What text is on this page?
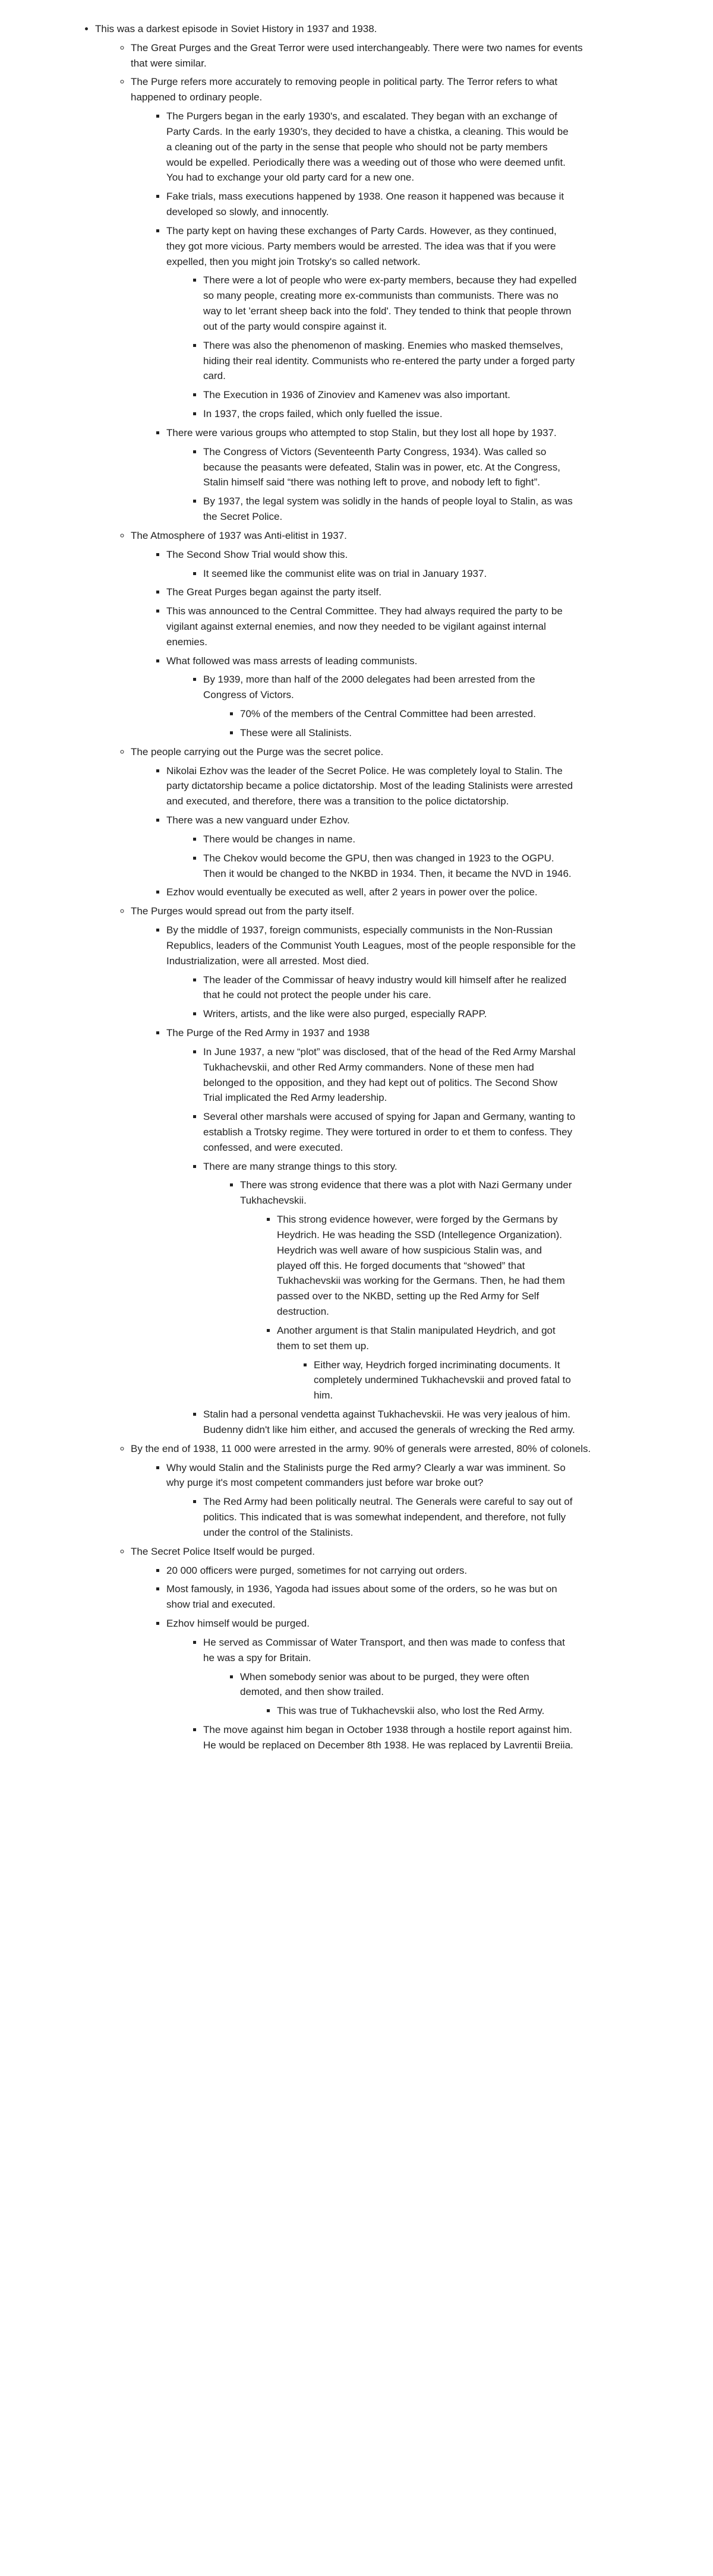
• This was a darkest episode in Soviet History in 1937 and 1938.
◦ The Great Purges and the Great Terror were used interchangeably. There were two names for events that were similar.
◦ The Purge refers more accurately to removing people in political party. The Terror refers to what happened to ordinary people.
▪ The Purgers began in the early 1930's, and escalated. They began with an exchange of Party Cards. In the early 1930's, they decided to have a chistka, a cleaning. This would be a cleaning out of the party in the sense that people who should not be party members would be expelled. Periodically there was a weeding out of those who were deemed unfit. You had to exchange your old party card for a new one.
▪ Fake trials, mass executions happened by 1938. One reason it happened was because it developed so slowly, and innocently.
▪ The party kept on having these exchanges of Party Cards. However, as they continued, they got more vicious. Party members would be arrested. The idea was that if you were expelled, then you might join Trotsky's so called network.
▪ There were a lot of people who were ex-party members, because they had expelled so many people, creating more ex-communists than communists. There was no way to let 'errant sheep back into the fold'. They tended to think that people thrown out of the party would conspire against it.
▪ There was also the phenomenon of masking. Enemies who masked themselves, hiding their real identity. Communists who re-entered the party under a forged party card.
▪ The Execution in 1936 of Zinoviev and Kamenev was also important.
▪ In 1937, the crops failed, which only fuelled the issue.
▪ There were various groups who attempted to stop Stalin, but they lost all hope by 1937.
▪ The Congress of Victors (Seventeenth Party Congress, 1934). Was called so because the peasants were defeated, Stalin was in power, etc. At the Congress, Stalin himself said “there was nothing left to prove, and nobody left to fight”.
▪ By 1937, the legal system was solidly in the hands of people loyal to Stalin, as was the Secret Police.
◦ The Atmosphere of 1937 was Anti-elitist in 1937.
▪ The Second Show Trial would show this.
▪ It seemed like the communist elite was on trial in January 1937.
▪ The Great Purges began against the party itself.
▪ This was announced to the Central Committee. They had always required the party to be vigilant against external enemies, and now they needed to be vigilant against internal enemies.
▪ What followed was mass arrests of leading communists.
▪ By 1939, more than half of the 2000 delegates had been arrested from the Congress of Victors.
▪ 70% of the members of the Central Committee had been arrested.
▪ These were all Stalinists.
◦ The people carrying out the Purge was the secret police.
▪ Nikolai Ezhov was the leader of the Secret Police. He was completely loyal to Stalin. The party dictatorship became a police dictatorship. Most of the leading Stalinists were arrested and executed, and therefore, there was a transition to the police dictatorship.
▪ There was a new vanguard under Ezhov.
▪ There would be changes in name.
▪ The Chekov would become the GPU, then was changed in 1923 to the OGPU. Then it would be changed to the NKBD in 1934. Then, it became the NVD in 1946.
▪ Ezhov would eventually be executed as well, after 2 years in power over the police.
◦ The Purges would spread out from the party itself.
▪ By the middle of 1937, foreign communists, especially communists in the Non-Russian Republics, leaders of the Communist Youth Leagues, most of the people responsible for the Industrialization, were all arrested. Most died.
▪ The leader of the Commissar of heavy industry would kill himself after he realized that he could not protect the people under his care.
▪ Writers, artists, and the like were also purged, especially RAPP.
▪ The Purge of the Red Army in 1937 and 1938
▪ In June 1937, a new “plot” was disclosed, that of the head of the Red Army Marshal Tukhachevskii, and other Red Army commanders. None of these men had belonged to the opposition, and they had kept out of politics. The Second Show Trial implicated the Red Army leadership.
▪ Several other marshals were accused of spying for Japan and Germany, wanting to establish a Trotsky regime. They were tortured in order to et them to confess. They confessed, and were executed.
▪ There are many strange things to this story.
▪ There was strong evidence that there was a plot with Nazi Germany under Tukhachevskii.
▪ This strong evidence however, were forged by the Germans by Heydrich. He was heading the SSD (Intellegence Organization). Heydrich was well aware of how suspicious Stalin was, and played off this. He forged documents that “showed” that Tukhachevskii was working for the Germans. Then, he had them passed over to the NKBD, setting up the Red Army for Self destruction.
▪ Another argument is that Stalin manipulated Heydrich, and got them to set them up.
▪ Either way, Heydrich forged incriminating documents. It completely undermined Tukhachevskii and proved fatal to him.
▪ Stalin had a personal vendetta against Tukhachevskii. He was very jealous of him. Budenny didn't like him either, and accused the generals of wrecking the Red army.
◦ By the end of 1938, 11 000 were arrested in the army. 90% of generals were arrested, 80% of colonels.
▪ Why would Stalin and the Stalinists purge the Red army? Clearly a war was imminent. So why purge it's most competent commanders just before war broke out?
▪ The Red Army had been politically neutral. The Generals were careful to say out of politics. This indicated that is was somewhat independent, and therefore, not fully under the control of the Stalinists.
◦ The Secret Police Itself would be purged.
▪ 20 000 officers were purged, sometimes for not carrying out orders.
▪ Most famously, in 1936, Yagoda had issues about some of the orders, so he was but on show trial and executed.
▪ Ezhov himself would be purged.
▪ He served as Commissar of Water Transport, and then was made to confess that he was a spy for Britain.
▪ When somebody senior was about to be purged, they were often demoted, and then show trailed.
▪ This was true of Tukhachevskii also, who lost the Red Army.
▪ The move against him began in October 1938 through a hostile report against him. He would be replaced on December 8th 1938. He was replaced by Lavrentii Breiia.
